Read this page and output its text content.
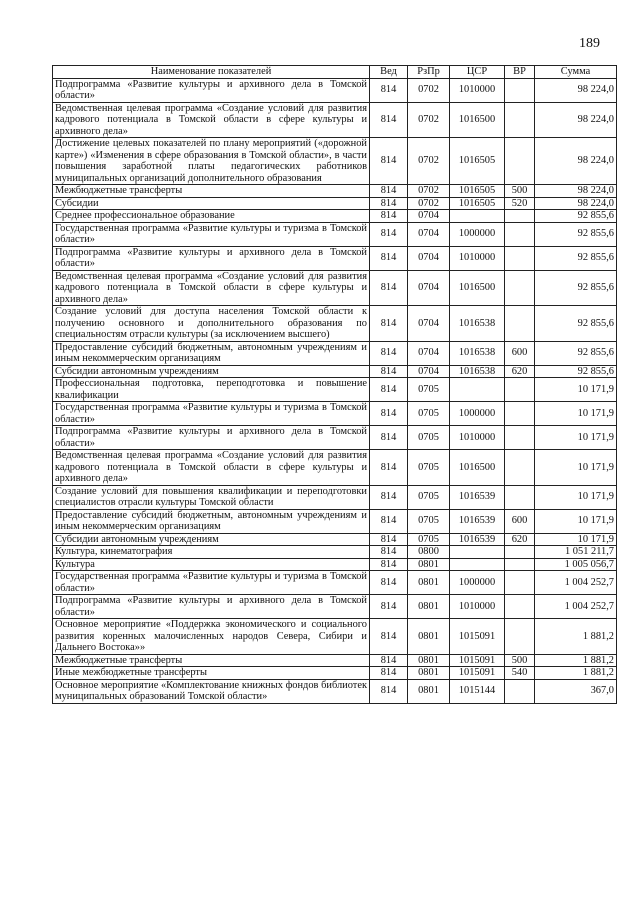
189
Наименование показателей	Вед	РзПр	ЦСР	ВР	Сумма
Подпрограмма «Развитие культуры и архивного дела в Томской области»	814	0702	1010000		98 224,0
Ведомственная целевая программа «Создание условий для развития кадрового потенциала в Томской области в сфере культуры и архивного дела»	814	0702	1016500		98 224,0
Достижение целевых показателей по плану мероприятий («дорожной карте») «Изменения в сфере образования в Томской области», в части повышения заработной платы педагогических работников муниципальных организаций дополнительного образования	814	0702	1016505		98 224,0
Межбюджетные трансферты	814	0702	1016505	500	98 224,0
Субсидии	814	0702	1016505	520	98 224,0
Среднее профессиональное образование	814	0704			92 855,6
Государственная программа «Развитие культуры и туризма в Томской области»	814	0704	1000000		92 855,6
Подпрограмма «Развитие культуры и архивного дела в Томской области»	814	0704	1010000		92 855,6
Ведомственная целевая программа «Создание условий для развития кадрового потенциала в Томской области в сфере культуры и архивного дела»	814	0704	1016500		92 855,6
Создание условий для доступа населения Томской области к получению основного и дополнительного образования по специальностям отрасли культуры (за исключением высшего)	814	0704	1016538		92 855,6
Предоставление субсидий бюджетным, автономным учреждениям и иным некоммерческим организациям	814	0704	1016538	600	92 855,6
Субсидии автономным учреждениям	814	0704	1016538	620	92 855,6
Профессиональная подготовка, переподготовка и повышение квалификации	814	0705			10 171,9
Государственная программа «Развитие культуры и туризма в Томской области»	814	0705	1000000		10 171,9
Подпрограмма «Развитие культуры и архивного дела в Томской области»	814	0705	1010000		10 171,9
Ведомственная целевая программа «Создание условий для развития кадрового потенциала в Томской области в сфере культуры и архивного дела»	814	0705	1016500		10 171,9
Создание условий для повышения квалификации и переподготовки специалистов отрасли культуры Томской области	814	0705	1016539		10 171,9
Предоставление субсидий бюджетным, автономным учреждениям и иным некоммерческим организациям	814	0705	1016539	600	10 171,9
Субсидии автономным учреждениям	814	0705	1016539	620	10 171,9
Культура, кинематография	814	0800			1 051 211,7
Культура	814	0801			1 005 056,7
Государственная программа «Развитие культуры и туризма в Томской области»	814	0801	1000000		1 004 252,7
Подпрограмма «Развитие культуры и архивного дела в Томской области»	814	0801	1010000		1 004 252,7
Основное мероприятие «Поддержка экономического и социального развития коренных малочисленных народов Севера, Сибири и Дальнего Востока»»	814	0801	1015091		1 881,2
Межбюджетные трансферты	814	0801	1015091	500	1 881,2
Иные межбюджетные трансферты	814	0801	1015091	540	1 881,2
Основное мероприятие «Комплектование книжных фондов библиотек муниципальных образований Томской области»	814	0801	1015144		367,0
